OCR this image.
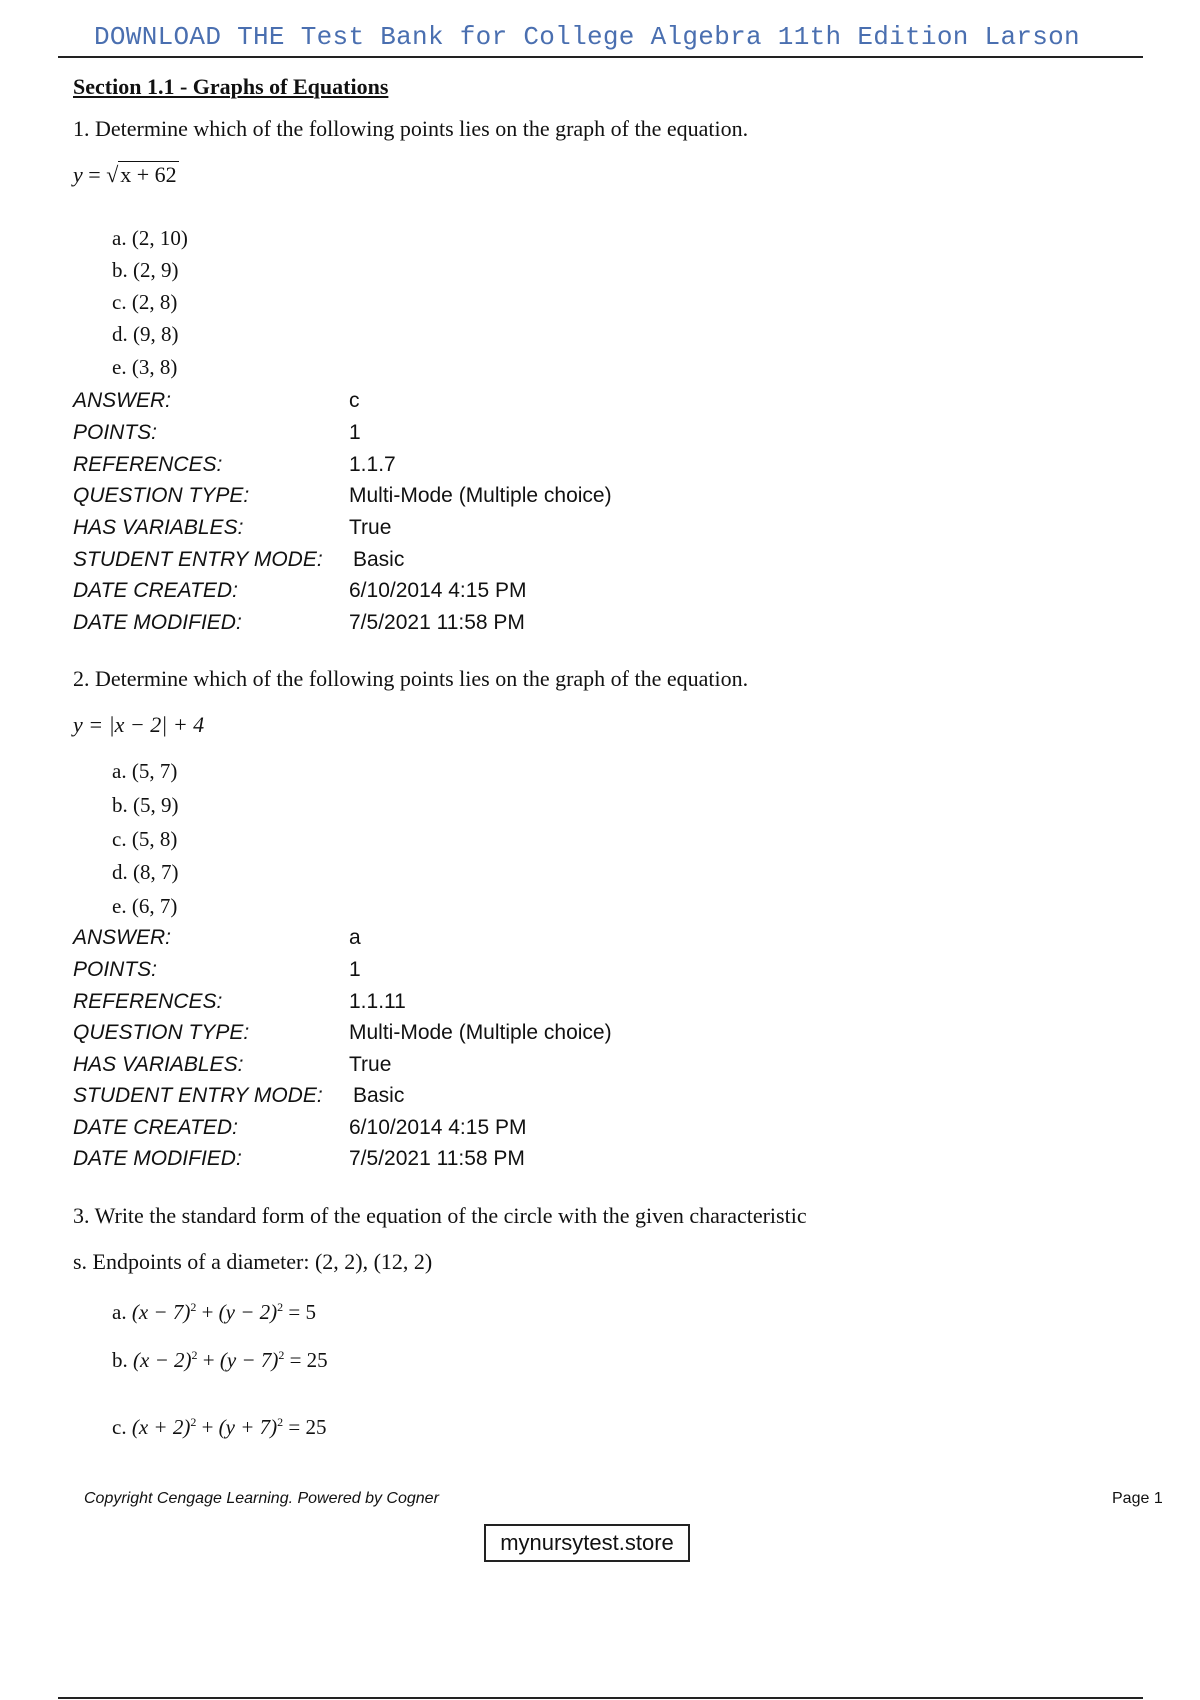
DOWNLOAD THE Test Bank for College Algebra 11th Edition Larson
Section 1.1 - Graphs of Equations
1. Determine which of the following points lies on the graph of the equation.
y = √x + 62
a. (2, 10)
b. (2, 9)
c. (2, 8)
d. (9, 8)
e. (3, 8)
ANSWER:	c
POINTS:	1
REFERENCES:	1.1.7
QUESTION TYPE:	Multi-Mode (Multiple choice)
HAS VARIABLES:	True
STUDENT ENTRY MODE: Basic
DATE CREATED:	6/10/2014 4:15 PM
DATE MODIFIED:	7/5/2021 11:58 PM
2. Determine which of the following points lies on the graph of the equation.
y = |x − 2| + 4
a. (5, 7)
b. (5, 9)
c. (5, 8)
d. (8, 7)
e. (6, 7)
ANSWER:	a
POINTS:	1
REFERENCES:	1.1.11
QUESTION TYPE:	Multi-Mode (Multiple choice)
HAS VARIABLES:	True
STUDENT ENTRY MODE: Basic
DATE CREATED:	6/10/2014 4:15 PM
DATE MODIFIED:	7/5/2021 11:58 PM
3. Write the standard form of the equation of the circle with the given characteristic
s. Endpoints of a diameter: (2, 2), (12, 2)
a. $(x - 7)^2 + (y - 2)^2 = 5$
b. $(x - 2)^2 + (y - 7)^2 = 25$
c. $(x + 2)^2 + (y + 7)^2 = 25$
Copyright Cengage Learning. Powered by Cogner	Page 1
mynursytest.store
